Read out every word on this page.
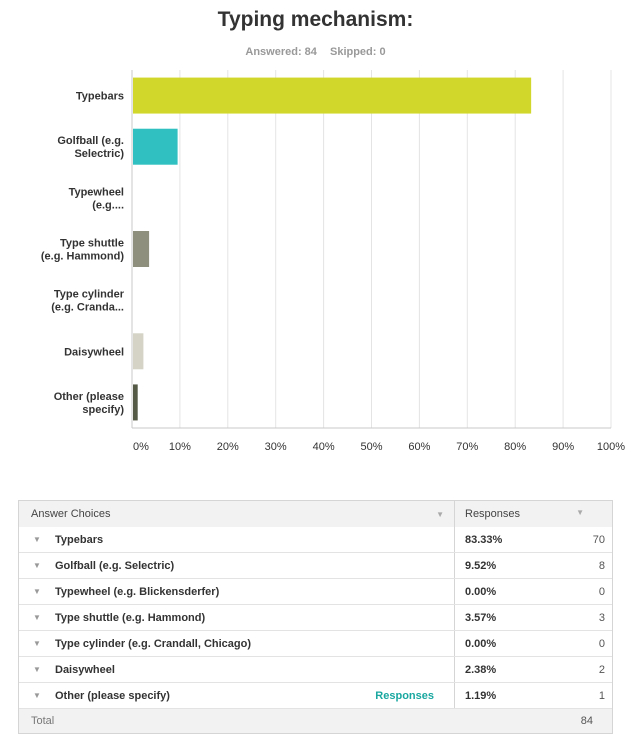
Typing mechanism:
Answered: 84 Skipped: 0
Typebars
Golfball (e.g. Selectric)
Typewheel (e.g....
Type shuttle (e.g. Hammond)
Type cylinder (e.g. Cranda...
Daisywheel
Other (please specify)
0% 10% 20% 30% 40% 50% 60% 70% 80% 90% 100%
Answer Choices	▼ Responses	▼
▼	Typebars	83.33%	70
▼	Golfball (e.g. Selectric)	9.52%	8
▼	Typewheel (e.g. Blickensderfer)	0.00%	0
▼	Type shuttle (e.g. Hammond)	3.57%	3
▼	Type cylinder (e.g. Crandall, Chicago)	0.00%	0
▼	Daisywheel	2.38%	2
▼	Other (please specify)	Responses	1.19%	1
Total	84
